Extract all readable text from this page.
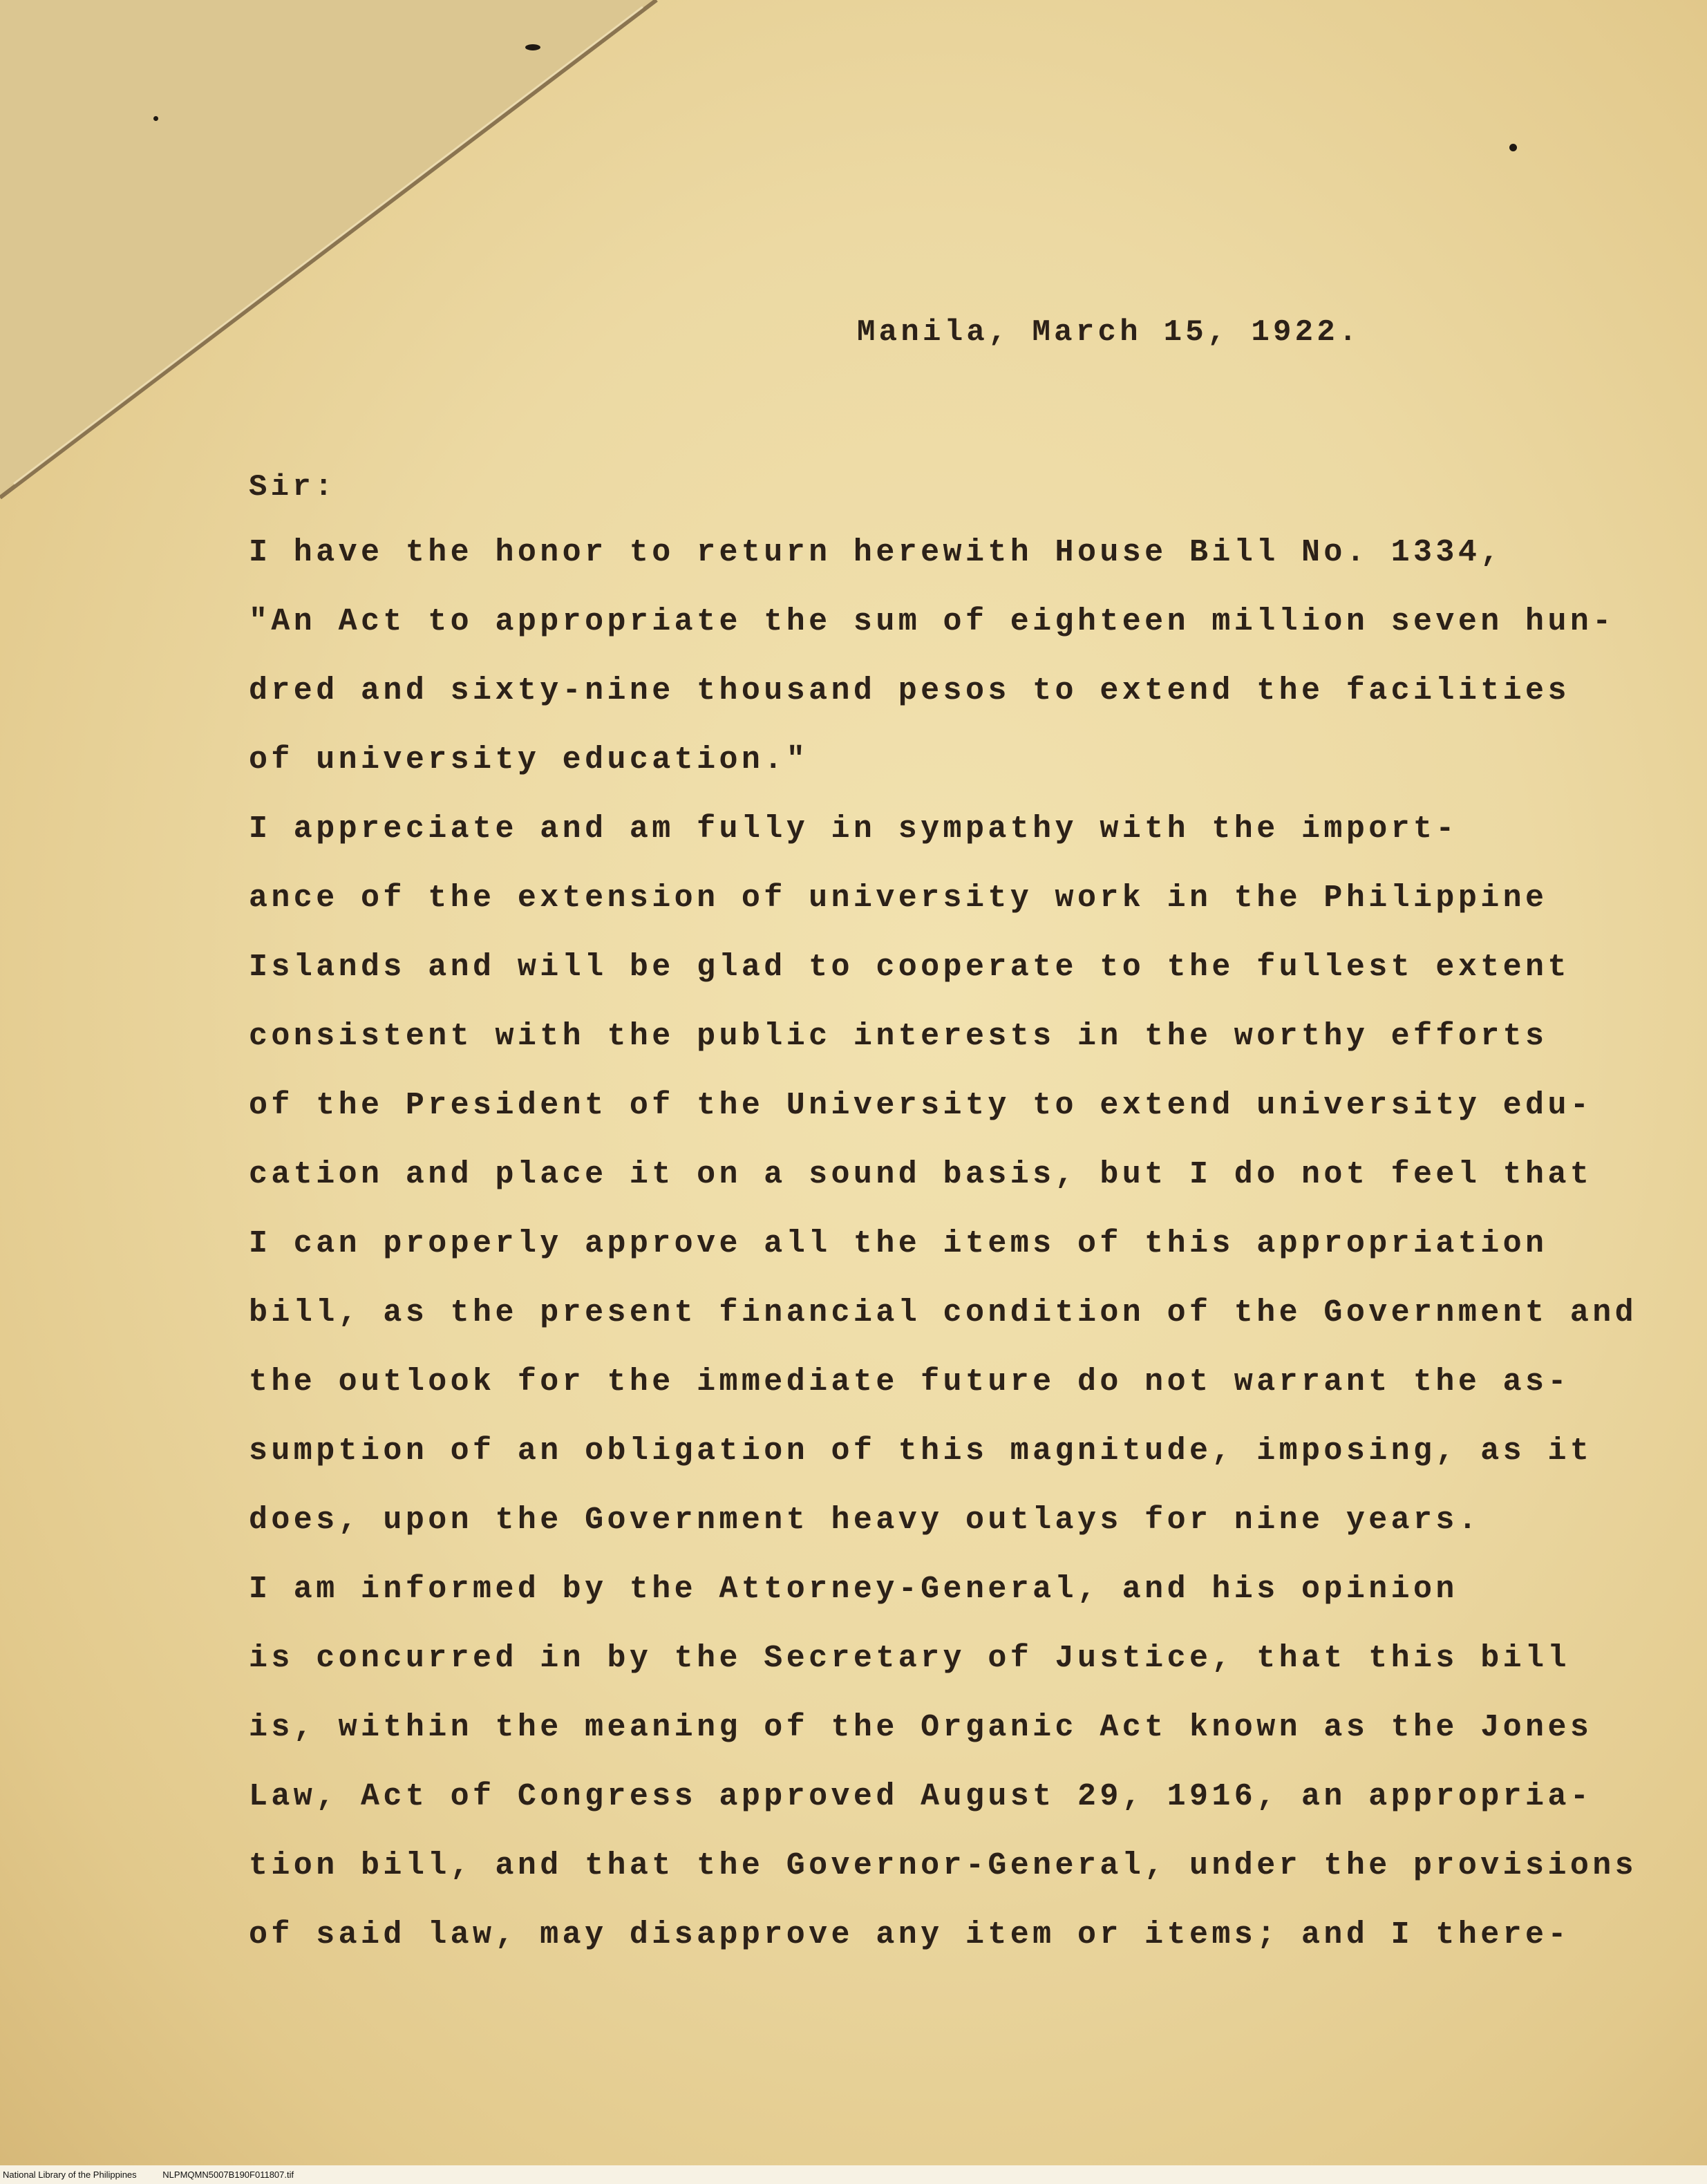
Manila, March 15, 1922.
Sir:
I have the honor to return herewith House Bill No. 1334,
"An Act to appropriate the sum of eighteen million seven hun-
dred and sixty-nine thousand pesos to extend the facilities
of university education."
I appreciate and am fully in sympathy with the import-
ance of the extension of university work in the Philippine
Islands and will be glad to cooperate to the fullest extent
consistent with the public interests in the worthy efforts
of the President of the University to extend university edu-
cation and place it on a sound basis, but I do not feel that
I can properly approve all the items of this appropriation
bill, as the present financial condition of the Government and
the outlook for the immediate future do not warrant the as-
sumption of an obligation of this magnitude, imposing, as it
does, upon the Government heavy outlays for nine years.
I am informed by the Attorney-General, and his opinion
is concurred in by the Secretary of Justice, that this bill
is, within the meaning of the Organic Act known as the Jones
Law, Act of Congress approved August 29, 1916, an appropria-
tion bill, and that the Governor-General, under the provisions
of said law, may disapprove any item or items; and I there-
National Library of the Philippines	NLPMQMN5007B190F011807.tif
